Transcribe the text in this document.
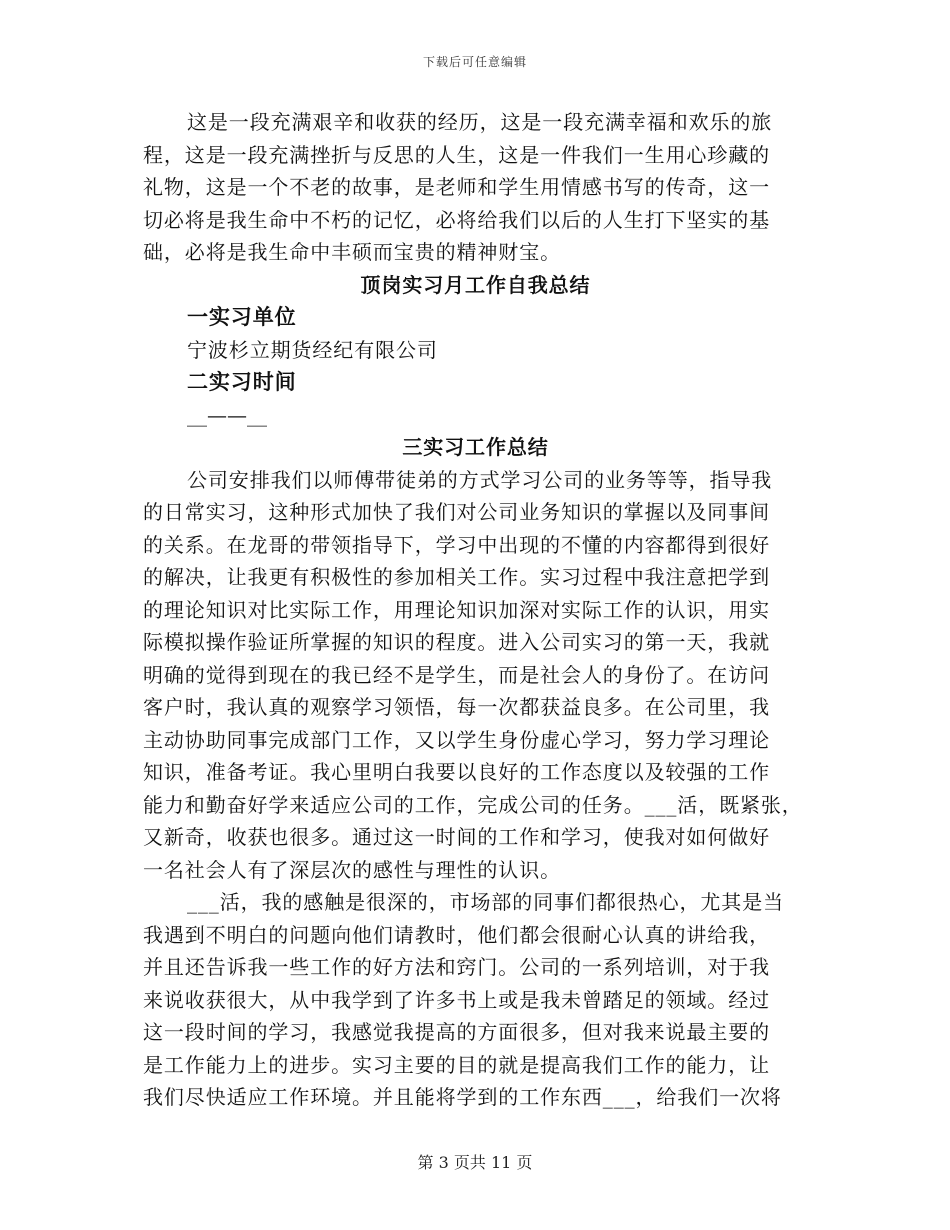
下载后可任意编辑
这是一段充满艰辛和收获的经历，这是一段充满幸福和欢乐的旅
程，这是一段充满挫折与反思的人生，这是一件我们一生用心珍藏的
礼物，这是一个不老的故事，是老师和学生用情感书写的传奇，这一
切必将是我生命中不朽的记忆，必将给我们以后的人生打下坚实的基
础，必将是我生命中丰硕而宝贵的精神财宝。
顶岗实习月工作自我总结
一实习单位
宁波杉立期货经纪有限公司
二实习时间
__——__
三实习工作总结
公司安排我们以师傅带徒弟的方式学习公司的业务等等，指导我
的日常实习，这种形式加快了我们对公司业务知识的掌握以及同事间
的关系。在龙哥的带领指导下，学习中出现的不懂的内容都得到很好
的解决，让我更有积极性的参加相关工作。实习过程中我注意把学到
的理论知识对比实际工作，用理论知识加深对实际工作的认识，用实
际模拟操作验证所掌握的知识的程度。进入公司实习的第一天，我就
明确的觉得到现在的我已经不是学生，而是社会人的身份了。在访问
客户时，我认真的观察学习领悟，每一次都获益良多。在公司里，我
主动协助同事完成部门工作，又以学生身份虚心学习，努力学习理论
知识，准备考证。我心里明白我要以良好的工作态度以及较强的工作
能力和勤奋好学来适应公司的工作，完成公司的任务。___活，既紧张，
又新奇，收获也很多。通过这一时间的工作和学习，使我对如何做好
一名社会人有了深层次的感性与理性的认识。
___活，我的感触是很深的，市场部的同事们都很热心，尤其是当
我遇到不明白的问题向他们请教时，他们都会很耐心认真的讲给我，
并且还告诉我一些工作的好方法和窍门。公司的一系列培训，对于我
来说收获很大，从中我学到了许多书上或是我未曾踏足的领域。经过
这一段时间的学习，我感觉我提高的方面很多，但对我来说最主要的
是工作能力上的进步。实习主要的目的就是提高我们工作的能力，让
我们尽快适应工作环境。并且能将学到的工作东西___，给我们一次将
第 3 页共 11 页
